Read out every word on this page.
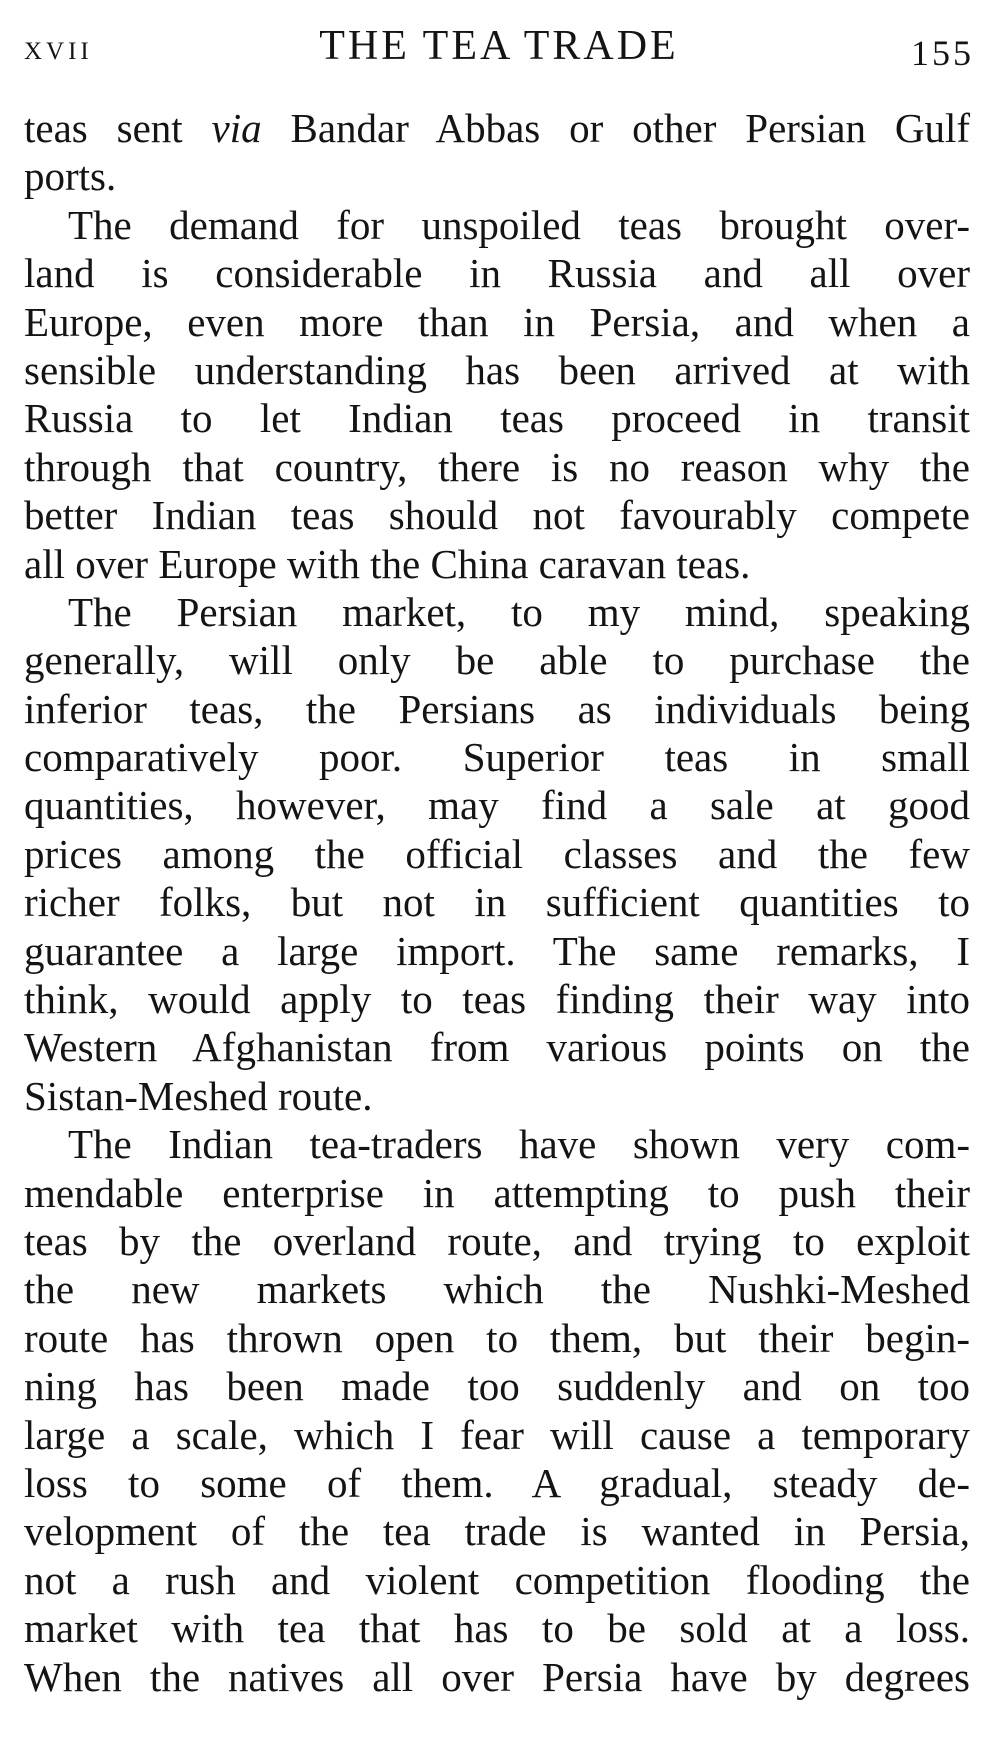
XVII	THE TEA TRADE	155
teas sent via Bandar Abbas or other Persian Gulf
ports.
The demand for unspoiled teas brought over-
land is considerable in Russia and all over
Europe, even more than in Persia, and when a
sensible understanding has been arrived at with
Russia to let Indian teas proceed in transit
through that country, there is no reason why the
better Indian teas should not favourably compete
all over Europe with the China caravan teas.
The Persian market, to my mind, speaking
generally, will only be able to purchase the
inferior teas, the Persians as individuals being
comparatively poor. Superior teas in small
quantities, however, may find a sale at good
prices among the official classes and the few
richer folks, but not in sufficient quantities to
guarantee a large import. The same remarks, I
think, would apply to teas finding their way into
Western Afghanistan from various points on the
Sistan-Meshed route.
The Indian tea-traders have shown very com-
mendable enterprise in attempting to push their
teas by the overland route, and trying to exploit
the new markets which the Nushki-Meshed
route has thrown open to them, but their begin-
ning has been made too suddenly and on too
large a scale, which I fear will cause a temporary
loss to some of them. A gradual, steady de-
velopment of the tea trade is wanted in Persia,
not a rush and violent competition flooding the
market with tea that has to be sold at a loss.
When the natives all over Persia have by degrees
